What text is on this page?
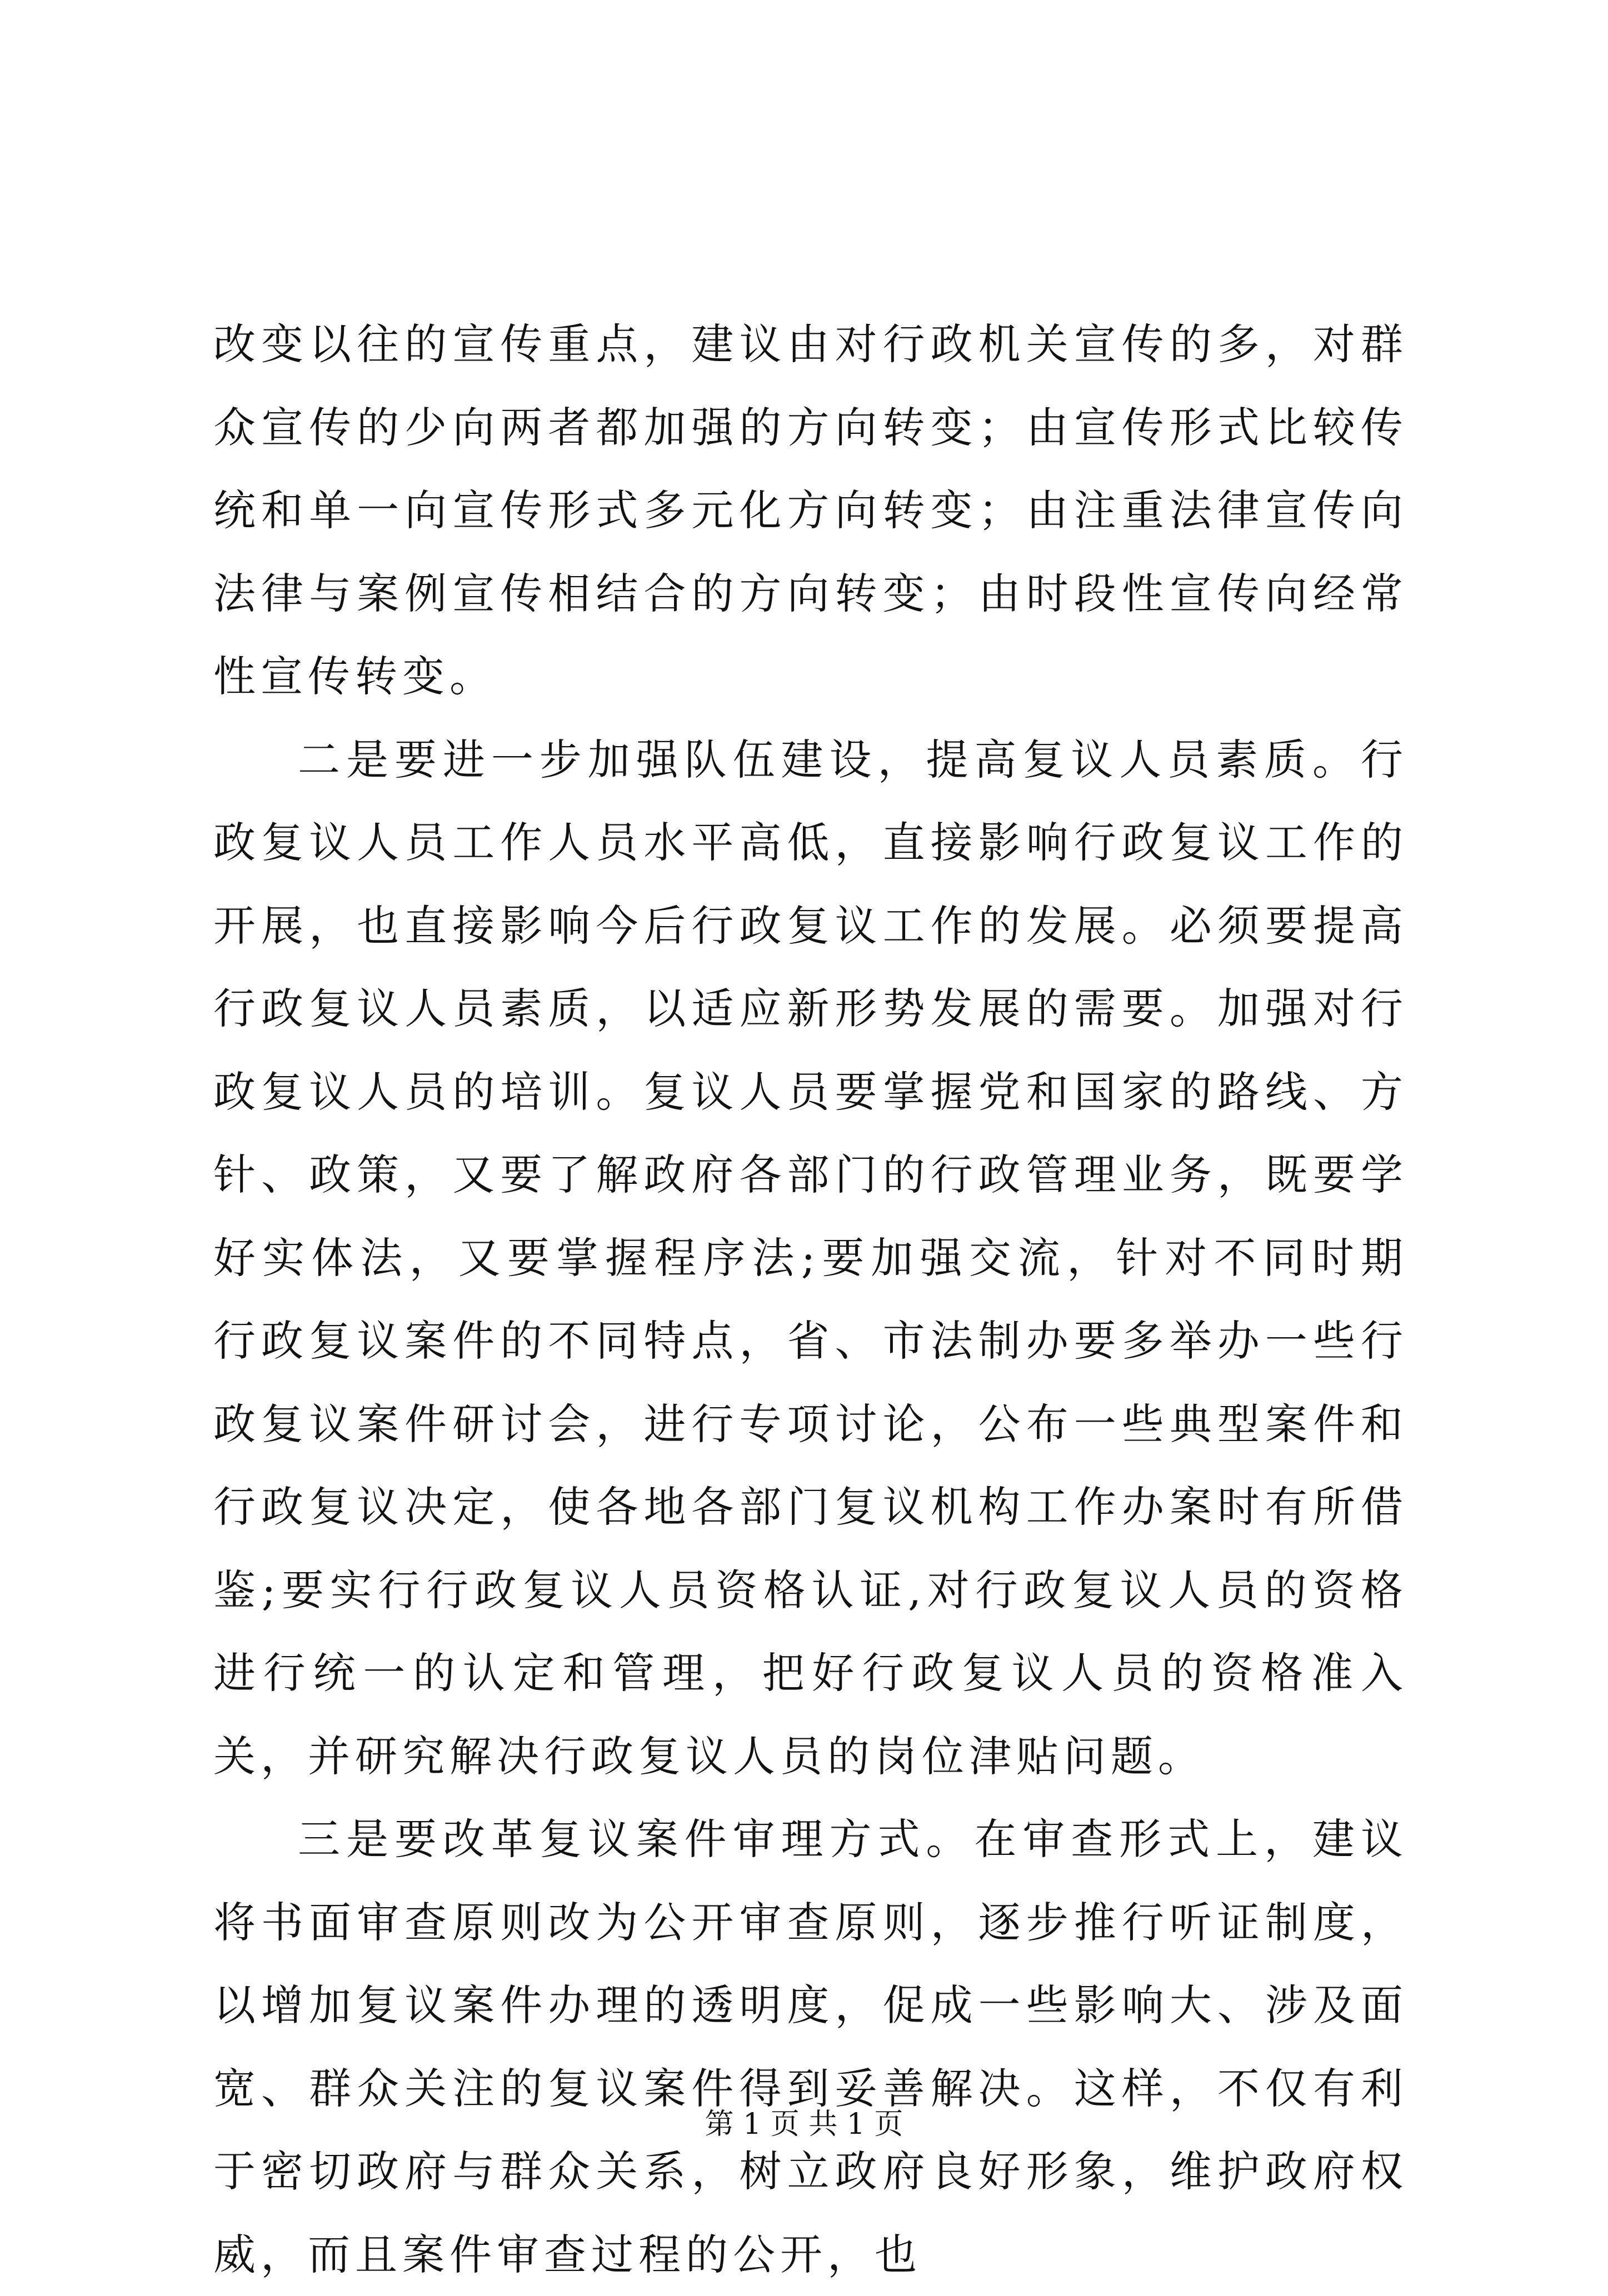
改变以往的宣传重点，建议由对行政机关宣传的多，对群众宣传的少向两者都加强的方向转变；由宣传形式比较传统和单一向宣传形式多元化方向转变；由注重法律宣传向法律与案例宣传相结合的方向转变；由时段性宣传向经常性宣传转变。

二是要进一步加强队伍建设，提高复议人员素质。行政复议人员工作人员水平高低，直接影响行政复议工作的开展，也直接影响今后行政复议工作的发展。必须要提高行政复议人员素质，以适应新形势发展的需要。加强对行政复议人员的培训。复议人员要掌握党和国家的路线、方针、政策，又要了解政府各部门的行政管理业务，既要学好实体法，又要掌握程序法;要加强交流，针对不同时期行政复议案件的不同特点，省、市法制办要多举办一些行政复议案件研讨会，进行专项讨论，公布一些典型案件和行政复议决定，使各地各部门复议机构工作办案时有所借鉴;要实行行政复议人员资格认证,对行政复议人员的资格进行统一的认定和管理，把好行政复议人员的资格准入关，并研究解决行政复议人员的岗位津贴问题。

三是要改革复议案件审理方式。在审查形式上，建议将书面审查原则改为公开审查原则，逐步推行听证制度，以增加复议案件办理的透明度，促成一些影响大、涉及面宽、群众关注的复议案件得到妥善解决。这样，不仅有利于密切政府与群众关系，树立政府良好形象，维护政府权威，而且案件审查过程的公开，也

第 1 页 共 1 页
